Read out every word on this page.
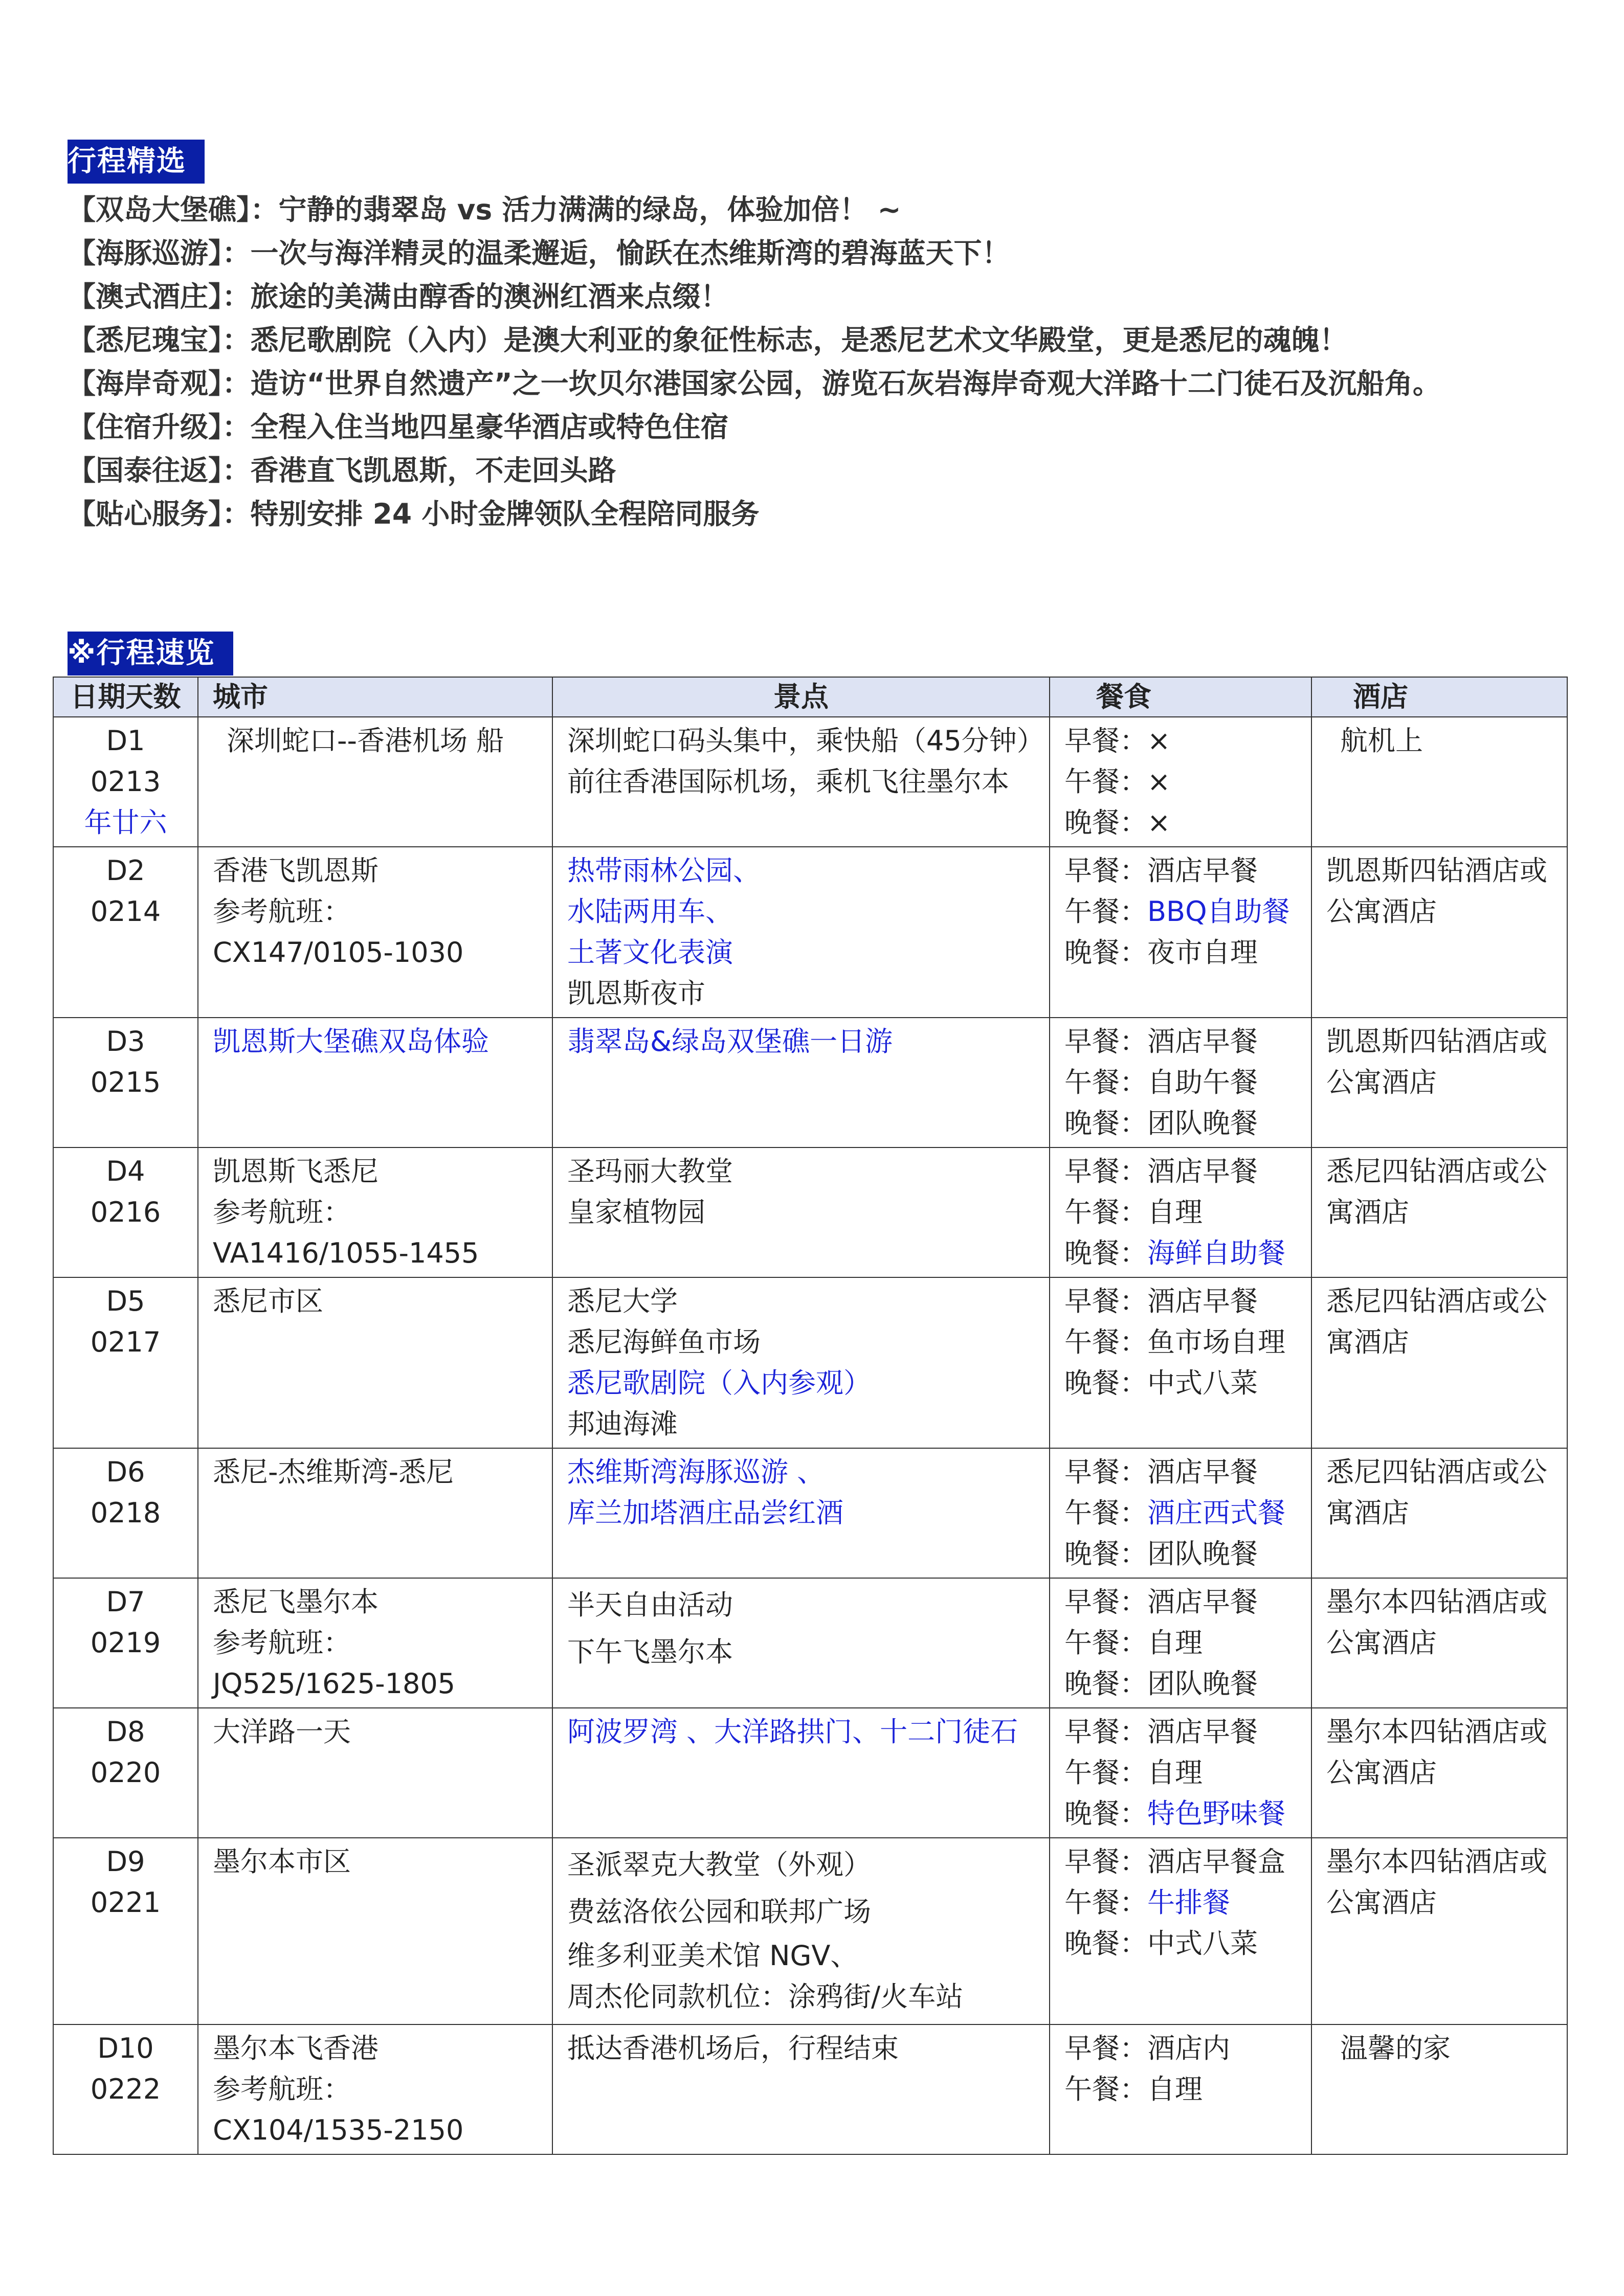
行程精选
【双岛大堡礁】：宁静的翡翠岛 vs 活力满满的绿岛，体验加倍！ ~
【海豚巡游】：一次与海洋精灵的温柔邂逅，愉跃在杰维斯湾的碧海蓝天下！
【澳式酒庄】：旅途的美满由醇香的澳洲红酒来点缀！
【悉尼瑰宝】：悉尼歌剧院（入内）是澳大利亚的象征性标志，是悉尼艺术文华殿堂，更是悉尼的魂魄！
【海岸奇观】：造访“世界自然遗产”之一坎贝尔港国家公园，游览石灰岩海岸奇观大洋路十二门徒石及沉船角。
【住宿升级】：全程入住当地四星豪华酒店或特色住宿
【国泰往返】：香港直飞凯恩斯，不走回头路
【贴心服务】：特别安排 24 小时金牌领队全程陪同服务
※行程速览
日期天数	城市	景点	餐食	酒店

D1
0213
年廿六	深圳蛇口--香港机场 船	深圳蛇口码头集中，乘快船（45分钟）
前往香港国际机场，乘机飞往墨尔本	早餐：×
午餐：×
晚餐：×	航机上

D2
0214	香港飞凯恩斯
参考航班：
CX147/0105-1030	热带雨林公园、
水陆两用车、
土著文化表演
凯恩斯夜市	早餐：酒店早餐
午餐：BBQ自助餐
晚餐：夜市自理	凯恩斯四钻酒店或
公寓酒店

D3
0215	凯恩斯大堡礁双岛体验	翡翠岛&绿岛双堡礁一日游	早餐：酒店早餐
午餐：自助午餐
晚餐：团队晚餐	凯恩斯四钻酒店或
公寓酒店

D4
0216	凯恩斯飞悉尼
参考航班：
VA1416/1055-1455	圣玛丽大教堂
皇家植物园	早餐：酒店早餐
午餐：自理
晚餐：海鲜自助餐	悉尼四钻酒店或公
寓酒店

D5
0217	悉尼市区	悉尼大学
悉尼海鲜鱼市场
悉尼歌剧院（入内参观）
邦迪海滩	早餐：酒店早餐
午餐：鱼市场自理
晚餐：中式八菜	悉尼四钻酒店或公
寓酒店

D6
0218	悉尼-杰维斯湾-悉尼	杰维斯湾海豚巡游 、
库兰加塔酒庄品尝红酒	早餐：酒店早餐
午餐：酒庄西式餐
晚餐：团队晚餐	悉尼四钻酒店或公
寓酒店

D7
0219	悉尼飞墨尔本
参考航班：
JQ525/1625-1805	半天自由活动
下午飞墨尔本	早餐：酒店早餐
午餐：自理
晚餐：团队晚餐	墨尔本四钻酒店或
公寓酒店

D8
0220	大洋路一天	阿波罗湾 、大洋路拱门、十二门徒石	早餐：酒店早餐
午餐：自理
晚餐：特色野味餐	墨尔本四钻酒店或
公寓酒店

D9
0221	墨尔本市区	圣派翠克大教堂（外观）
费兹洛依公园和联邦广场
维多利亚美术馆 NGV、
周杰伦同款机位：涂鸦街/火车站	早餐：酒店早餐盒
午餐：牛排餐
晚餐：中式八菜	墨尔本四钻酒店或
公寓酒店

D10
0222	墨尔本飞香港
参考航班：
CX104/1535-2150	抵达香港机场后，行程结束	早餐：酒店内
午餐：自理	温馨的家
